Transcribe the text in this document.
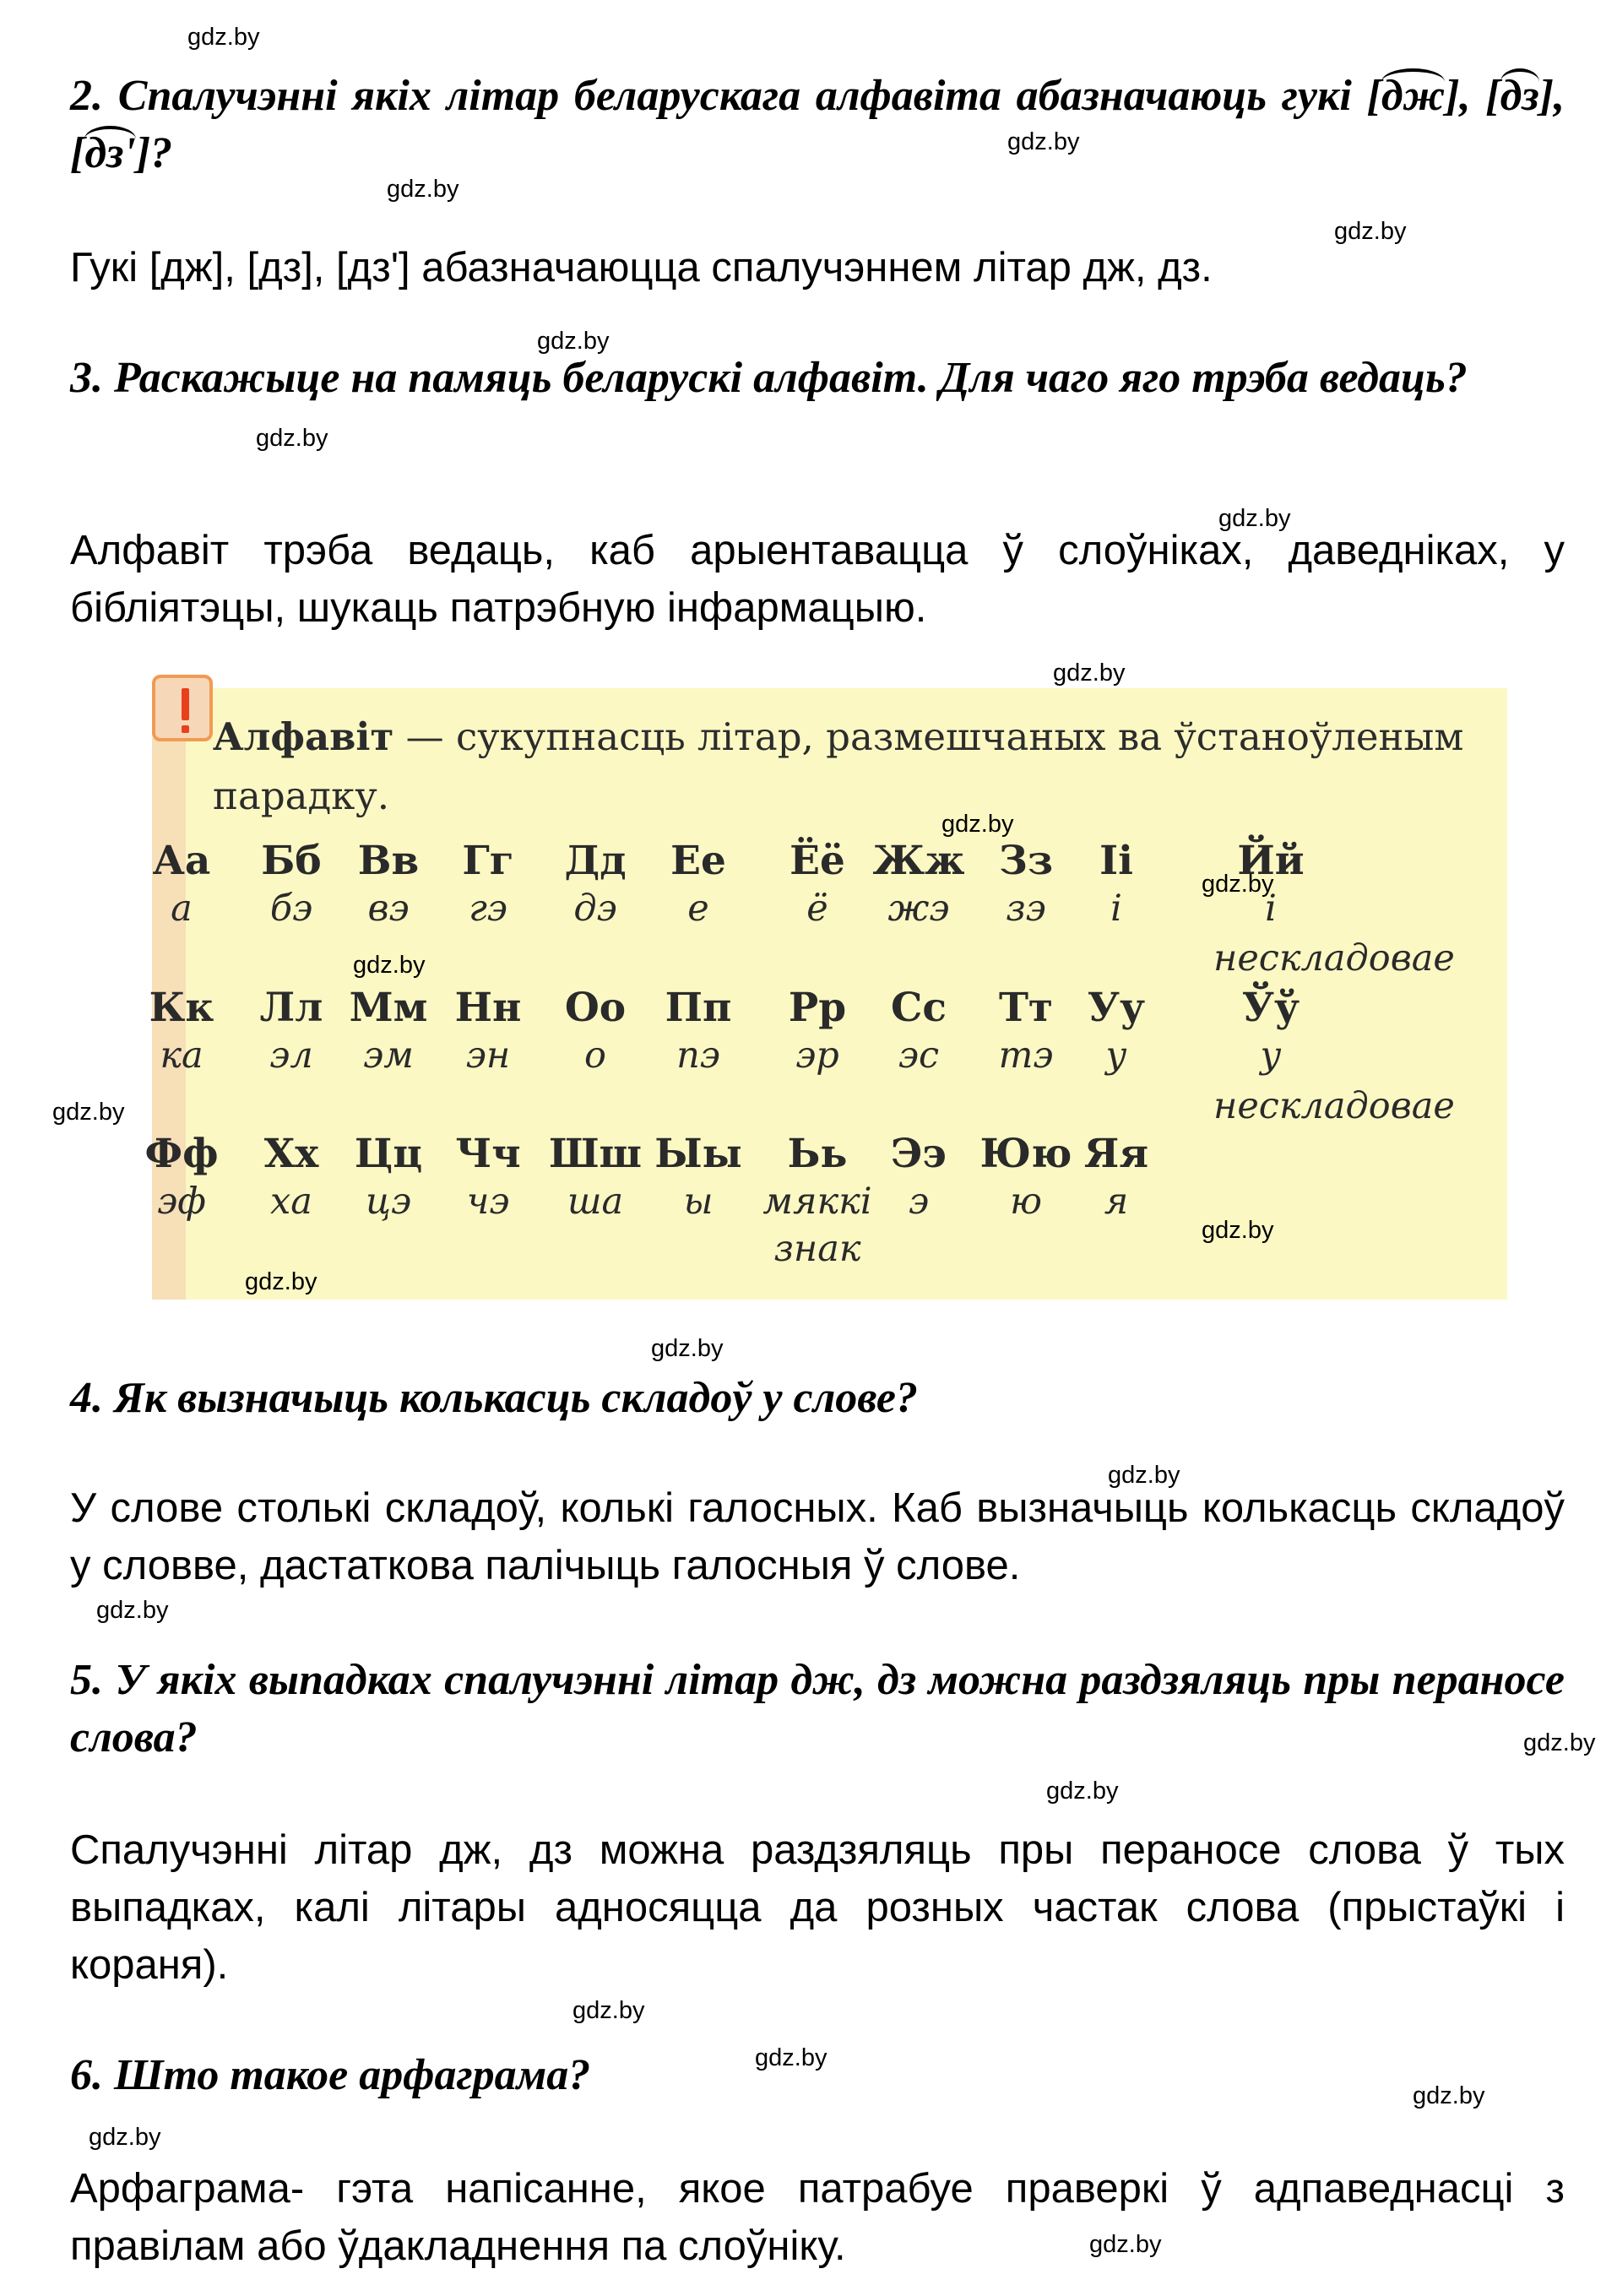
2. Спалучэнні якіх літар беларускага алфавіта абазначаюць гукі [дж], [дз], [дз']?

Гукі [дж], [дз], [дз'] абазначаюцца спалучэннем літар дж, дз.

3. Раскажыце на памяць беларускі алфавіт. Для чаго яго трэба ведаць?

Алфавіт трэба ведаць, каб арыентавацца ў слоўніках, даведніках, у бібліятэцы, шукаць патрэбную інфармацыю.

Алфавіт — сукупнасць літар, размешчаных ва ўстаноўленым парадку.

Аа
а
Бб
бэ
Вв
вэ
Гг
гэ
Дд
дэ
Ее
е
Ёё
ё
Жж
жэ
Зз
зэ
Іі
і
Йй
і
Кк
ка
Лл
эл
Мм
эм
Нн
эн
Оо
о
Пп
пэ
Рр
эр
Сс
эс
Тт
тэ
Уу
у
Ўў
у
Фф
эф
Хх
ха
Цц
цэ
Чч
чэ
Шш
ша
Ыы
ы
Ьь
мяккі знак
Ээ
э
Юю
ю
Яя
я
нескладовае
нескладовае

4. Як вызначыць колькасць складоў у слове?

У слове столькі складоў, колькі галосных. Каб вызначыць колькасць складоў у словве, дастаткова палічыць галосныя ў слове.

5. У якіх выпадках спалучэнні літар дж, дз можна раздзяляць пры пераносе слова?

Спалучэнні літар дж, дз можна раздзяляць пры пераносе слова ў тых выпадках, калі літары адносяцца да розных частак слова (прыстаўкі і кораня).

6. Што такое арфаграма?

Арфаграма- гэта напісанне, якое патрабуе праверкі ў адпаведнасці з правілам або ўдакладнення па слоўніку.

gdz.by
gdz.by
gdz.by
gdz.by
gdz.by
gdz.by
gdz.by
gdz.by
gdz.by
gdz.by
gdz.by
gdz.by
gdz.by
gdz.by
gdz.by
gdz.by
gdz.by
gdz.by
gdz.by
gdz.by
gdz.by
gdz.by
gdz.by
gdz.by
